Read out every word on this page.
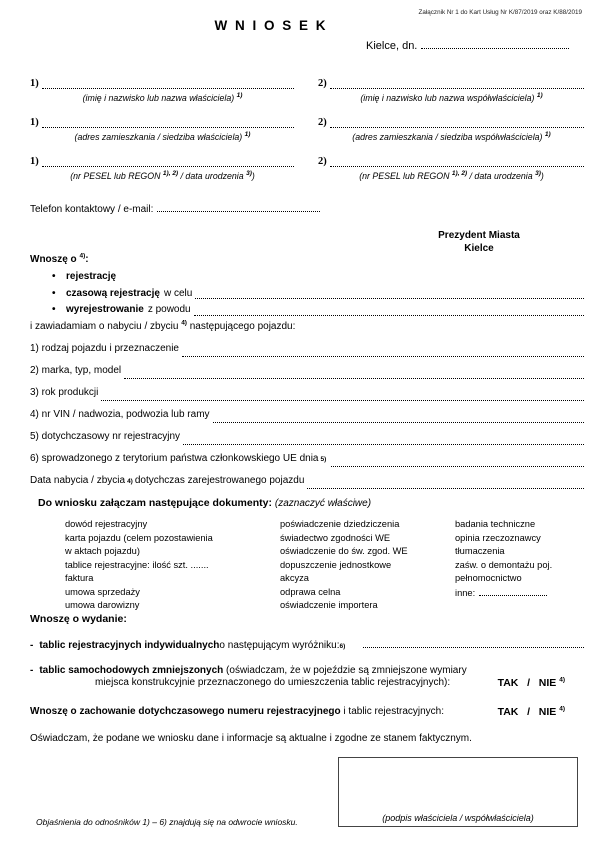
Załącznik Nr 1 do Kart Usług Nr K/87/2019 oraz K/88/2019
W N I O S E K
Kielce, dn.
1)
(imię i nazwisko lub nazwa właściciela) $^{1)}$
2)
(imię i nazwisko lub nazwa współwłaściciela) $^{1)}$
1)
(adres zamieszkania / siedziba właściciela) $^{1)}$
2)
(adres zamieszkania / siedziba współwłaściciela) $^{1)}$
1)
(nr PESEL lub REGON $^{1), 2)}$ / data urodzenia $^{3)}$)
2)
(nr PESEL lub REGON $^{1), 2)}$ / data urodzenia $^{3)}$)
Telefon kontaktowy / e-mail:
Prezydent Miasta
Kielce
Wnoszę o $^{4)}$:
• rejestrację
• czasową rejestrację w celu
• wyrejestrowanie z powodu
i zawiadamiam o nabyciu / zbyciu $^{4)}$ następującego pojazdu:
1) rodzaj pojazdu i przeznaczenie
2) marka, typ, model
3) rok produkcji
4) nr VIN / nadwozia, podwozia lub ramy
5) dotychczasowy nr rejestracyjny
6) sprowadzonego z terytorium państwa członkowskiego UE dnia 5)
Data nabycia / zbycia 4) dotychczas zarejestrowanego pojazdu
Do wniosku załączam następujące dokumenty: (zaznaczyć właściwe)
dowód rejestracyjny
karta pojazdu (celem pozostawienia
w aktach pojazdu)
tablice rejestracyjne: ilość szt. .......
faktura
umowa sprzedaży
umowa darowizny
poświadczenie dziedziczenia
świadectwo zgodności WE
oświadczenie do św. zgod. WE
dopuszczenie jednostkowe
akcyza
odprawa celna
oświadczenie importera
badania techniczne
opinia rzeczoznawcy
tłumaczenia
zaśw. o demontażu poj.
pełnomocnictwo
inne:
Wnoszę o wydanie:
- tablic rejestracyjnych indywidualnych o następującym wyróżniku: 6)
- tablic samochodowych zmniejszonych (oświadczam, że w pojeździe są zmniejszone wymiary
miejsca konstrukcyjnie przeznaczonego do umieszczenia tablic rejestracyjnych):	TAK   /   NIE $^{4)}$
Wnoszę o zachowanie dotychczasowego numeru rejestracyjnego i tablic rejestracyjnych:	TAK   /   NIE $^{4)}$
Oświadczam, że podane we wniosku dane i informacje są aktualne i zgodne ze stanem faktycznym.
(podpis właściciela / współwłaściciela)
Objaśnienia do odnośników 1) – 6) znajdują się na odwrocie wniosku.
